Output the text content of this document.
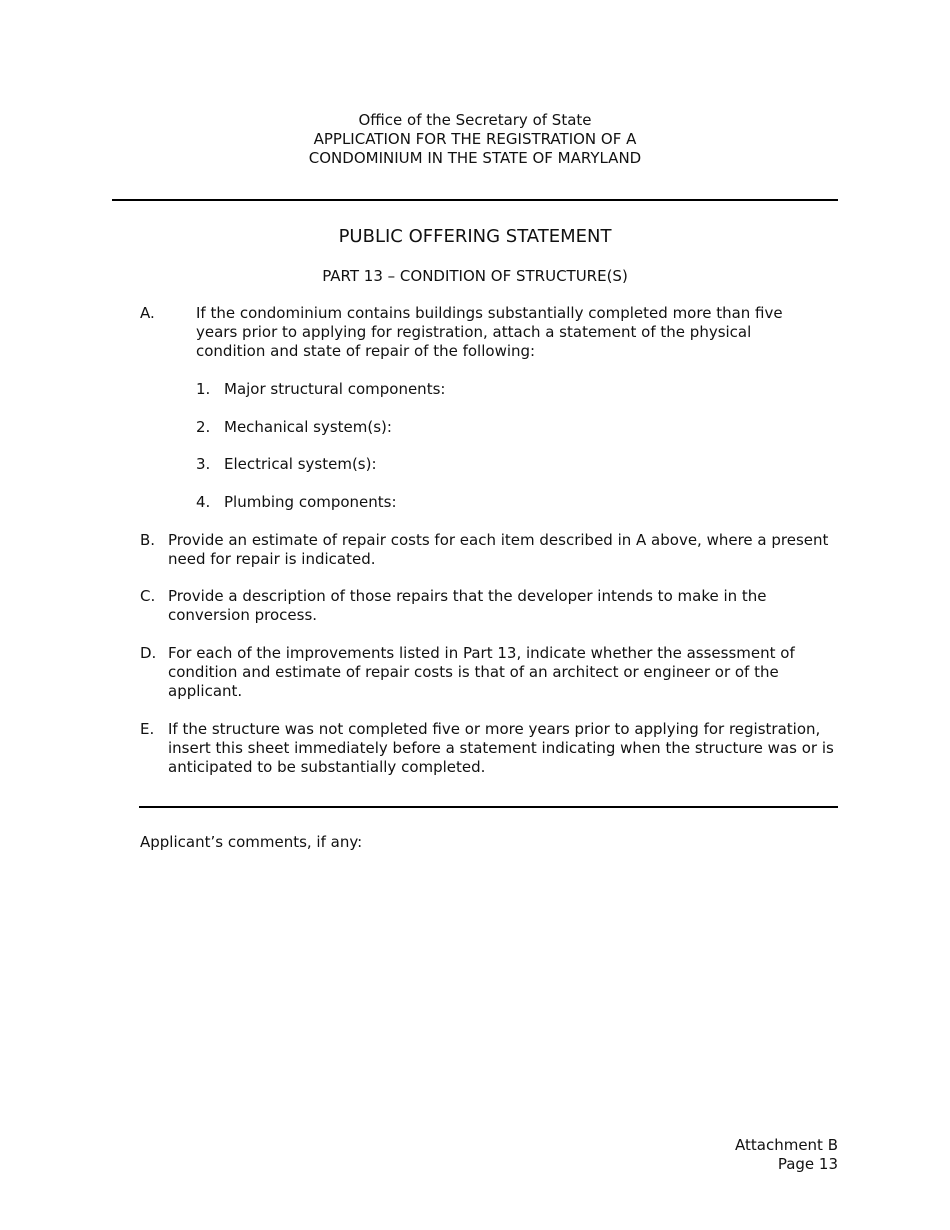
Office of the Secretary of State
APPLICATION FOR THE REGISTRATION OF A
CONDOMINIUM IN THE STATE OF MARYLAND
PUBLIC OFFERING STATEMENT
PART 13 – CONDITION OF STRUCTURE(S)
A.	If the condominium contains buildings substantially completed more than five years prior to applying for registration, attach a statement of the physical condition and state of repair of the following:
1. Major structural components:
2. Mechanical system(s):
3. Electrical system(s):
4. Plumbing components:
B. Provide an estimate of repair costs for each item described in A above, where a present need for repair is indicated.
C. Provide a description of those repairs that the developer intends to make in the conversion process.
D. For each of the improvements listed in Part 13, indicate whether the assessment of condition and estimate of repair costs is that of an architect or engineer or of the applicant.
E. If the structure was not completed five or more years prior to applying for registration, insert this sheet immediately before a statement indicating when the structure was or is anticipated to be substantially completed.
Applicant’s comments, if any:
Attachment B
Page 13
